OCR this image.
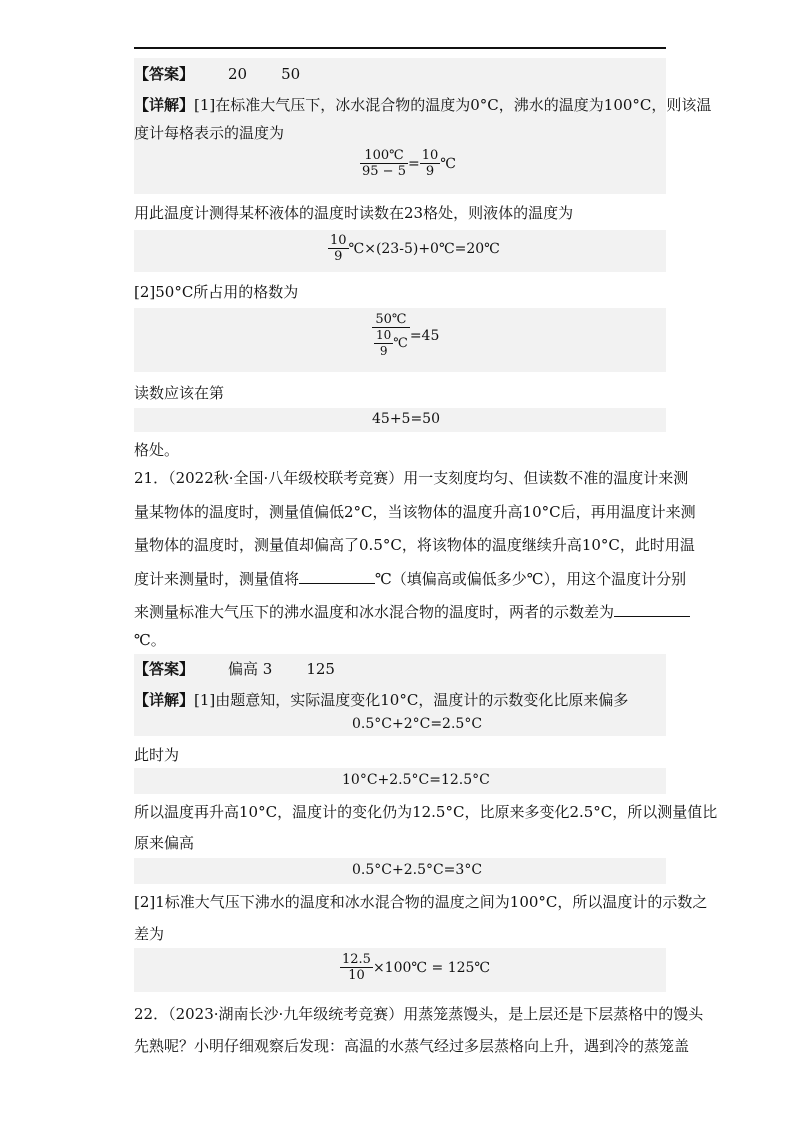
【答案】 20 50
【详解】[1]在标准大气压下，冰水混合物的温度为0°C，沸水的温度为100°C，则该温
度计每格表示的温度为
$\frac{100℃}{95 - 5} = \frac{10}{9}$ ℃
用此温度计测得某杯液体的温度时读数在23格处，则液体的温度为
$\frac{10}{9}$ ℃×(23-5)+0℃=20℃
[2]50°C所占用的格数为
$\frac{50℃}{\frac{10}{9} ℃} =45$
读数应该在第
45+5=50
格处。
21．（2022秋·全国·八年级校联考竞赛）用一支刻度均匀、但读数不准的温度计来测
量某物体的温度时，测量值偏低2°C，当该物体的温度升高10°C后，再用温度计来测
量物体的温度时，测量值却偏高了0.5°C，将该物体的温度继续升高10°C，此时用温
度计来测量时，测量值将	℃（填偏高或偏低多少℃），用这个温度计分别
来测量标准大气压下的沸水温度和冰水混合物的温度时，两者的示数差为
℃。
【答案】 偏高 3 125
【详解】[1]由题意知，实际温度变化10°C，温度计的示数变化比原来偏多
0.5°C+2°C=2.5°C
此时为
10°C+2.5°C=12.5°C
所以温度再升高10°C，温度计的变化仍为12.5°C，比原来多变化2.5°C，所以测量值比
原来偏高
0.5°C+2.5°C=3°C
[2]1标准大气压下沸水的温度和冰水混合物的温度之间为100°C，所以温度计的示数之
差为
$\frac{12.5}{10}$ ×100℃ = 125℃
22．（2023·湖南长沙·九年级统考竞赛）用蒸笼蒸馒头，是上层还是下层蒸格中的馒头
先熟呢？小明仔细观察后发现：高温的水蒸气经过多层蒸格向上升，遇到冷的蒸笼盖
